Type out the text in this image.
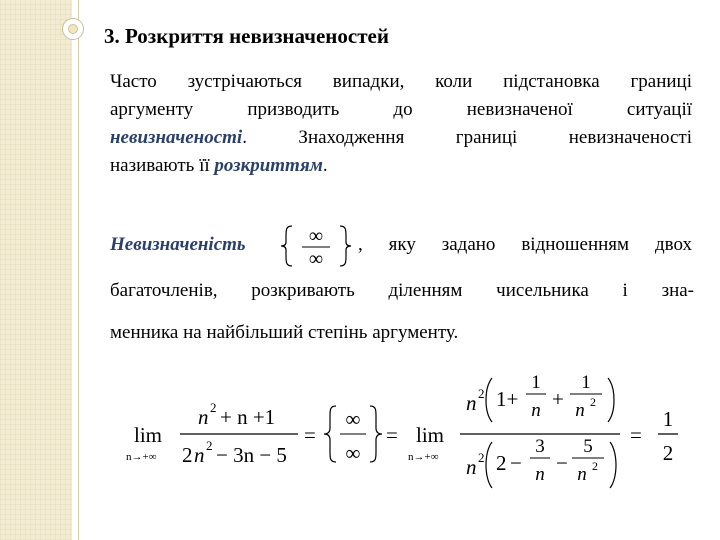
3. Розкриття невизначеностей
Часто зустрічаються випадки, коли підстановка границі
аргументу призводить до невизначеної ситуації
невизначеності. Знаходження границі невизначеності
називають її розкриттям.
Невизначеність	∞
∞
, яку задано відношенням двох
багаточленів, розкривають діленням чисельника і зна-
менника на найбільший степінь аргументу.
lim
n→+∞
n 2 + n +1
2 n 2 − 3n − 5
=
∞
∞
= lim
n→+∞
n 2 1+
1
n +
1
n 2
n 2 2 −
3
n −
5
n 2
=
1
2
